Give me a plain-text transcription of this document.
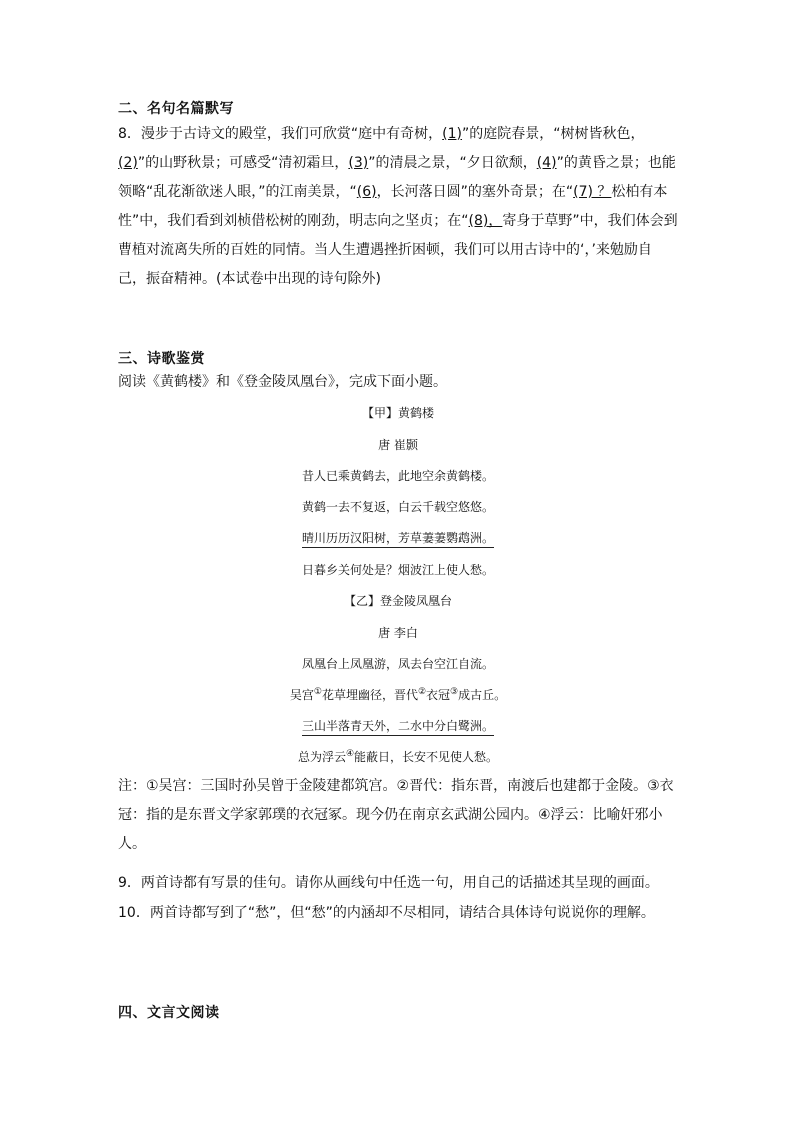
二、名句名篇默写
8．漫步于古诗文的殿堂，我们可欣赏“庭中有奇树，(1)”的庭院春景，“树树皆秋色，(2)”的山野秋景；可感受“清初霜旦，(3)”的清晨之景，“夕日欲颓，(4)”的黄昏之景；也能领略“乱花渐欲迷人眼，”的江南美景，“(6)，长河落日圆”的塞外奇景；在“(7) ？松柏有本性”中，我们看到刘桢借松树的刚劲，明志向之坚贞；在“(8)，寄身于草野”中，我们体会到曹植对流离失所的百姓的同情。当人生遭遇挫折困顿，我们可以用古诗中的‘，’来勉励自己，振奋精神。(本试卷中出现的诗句除外)
三、诗歌鉴赏
阅读《黄鹤楼》和《登金陵凤凰台》，完成下面小题。
【甲】黄鹤楼
唐 崔颢
昔人已乘黄鹤去，此地空余黄鹤楼。
黄鹤一去不复返，白云千载空悠悠。
晴川历历汉阳树，芳草萋萋鹦鹉洲。
日暮乡关何处是？烟波江上使人愁。
【乙】登金陵凤凰台
唐 李白
凤凰台上凤凰游，凤去台空江自流。
吴宫①花草埋幽径，晋代②衣冠③成古丘。
三山半落青天外，二水中分白鹭洲。
总为浮云④能蔽日，长安不见使人愁。
注：①吴宫：三国时孙吴曾于金陵建都筑宫。②晋代：指东晋，南渡后也建都于金陵。③衣冠：指的是东晋文学家郭璞的衣冠冢。现今仍在南京玄武湖公园内。④浮云：比喻奸邪小人。
9．两首诗都有写景的佳句。请你从画线句中任选一句，用自己的话描述其呈现的画面。
10．两首诗都写到了“愁”，但“愁”的内涵却不尽相同，请结合具体诗句说说你的理解。
四、文言文阅读
